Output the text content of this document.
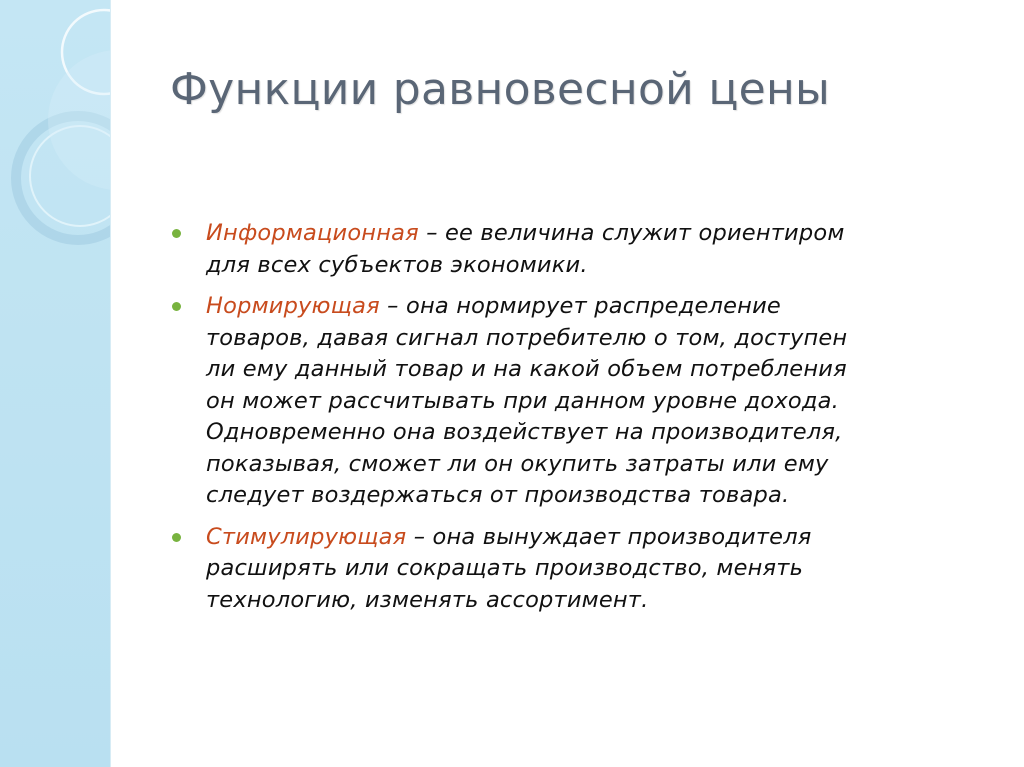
Функции равновесной цены
Информационная – ее величина служит ориентиром
для всех субъектов экономики.
Нормирующая – она нормирует распределение
товаров, давая сигнал потребителю о том, доступен
ли ему данный товар и на какой объем потребления
он может рассчитывать при данном уровне дохода.
Одновременно она воздействует на производителя,
показывая, сможет ли он окупить затраты или ему
следует воздержаться от производства товара.
Стимулирующая – она вынуждает производителя
расширять или сокращать производство, менять
технологию, изменять ассортимент.
